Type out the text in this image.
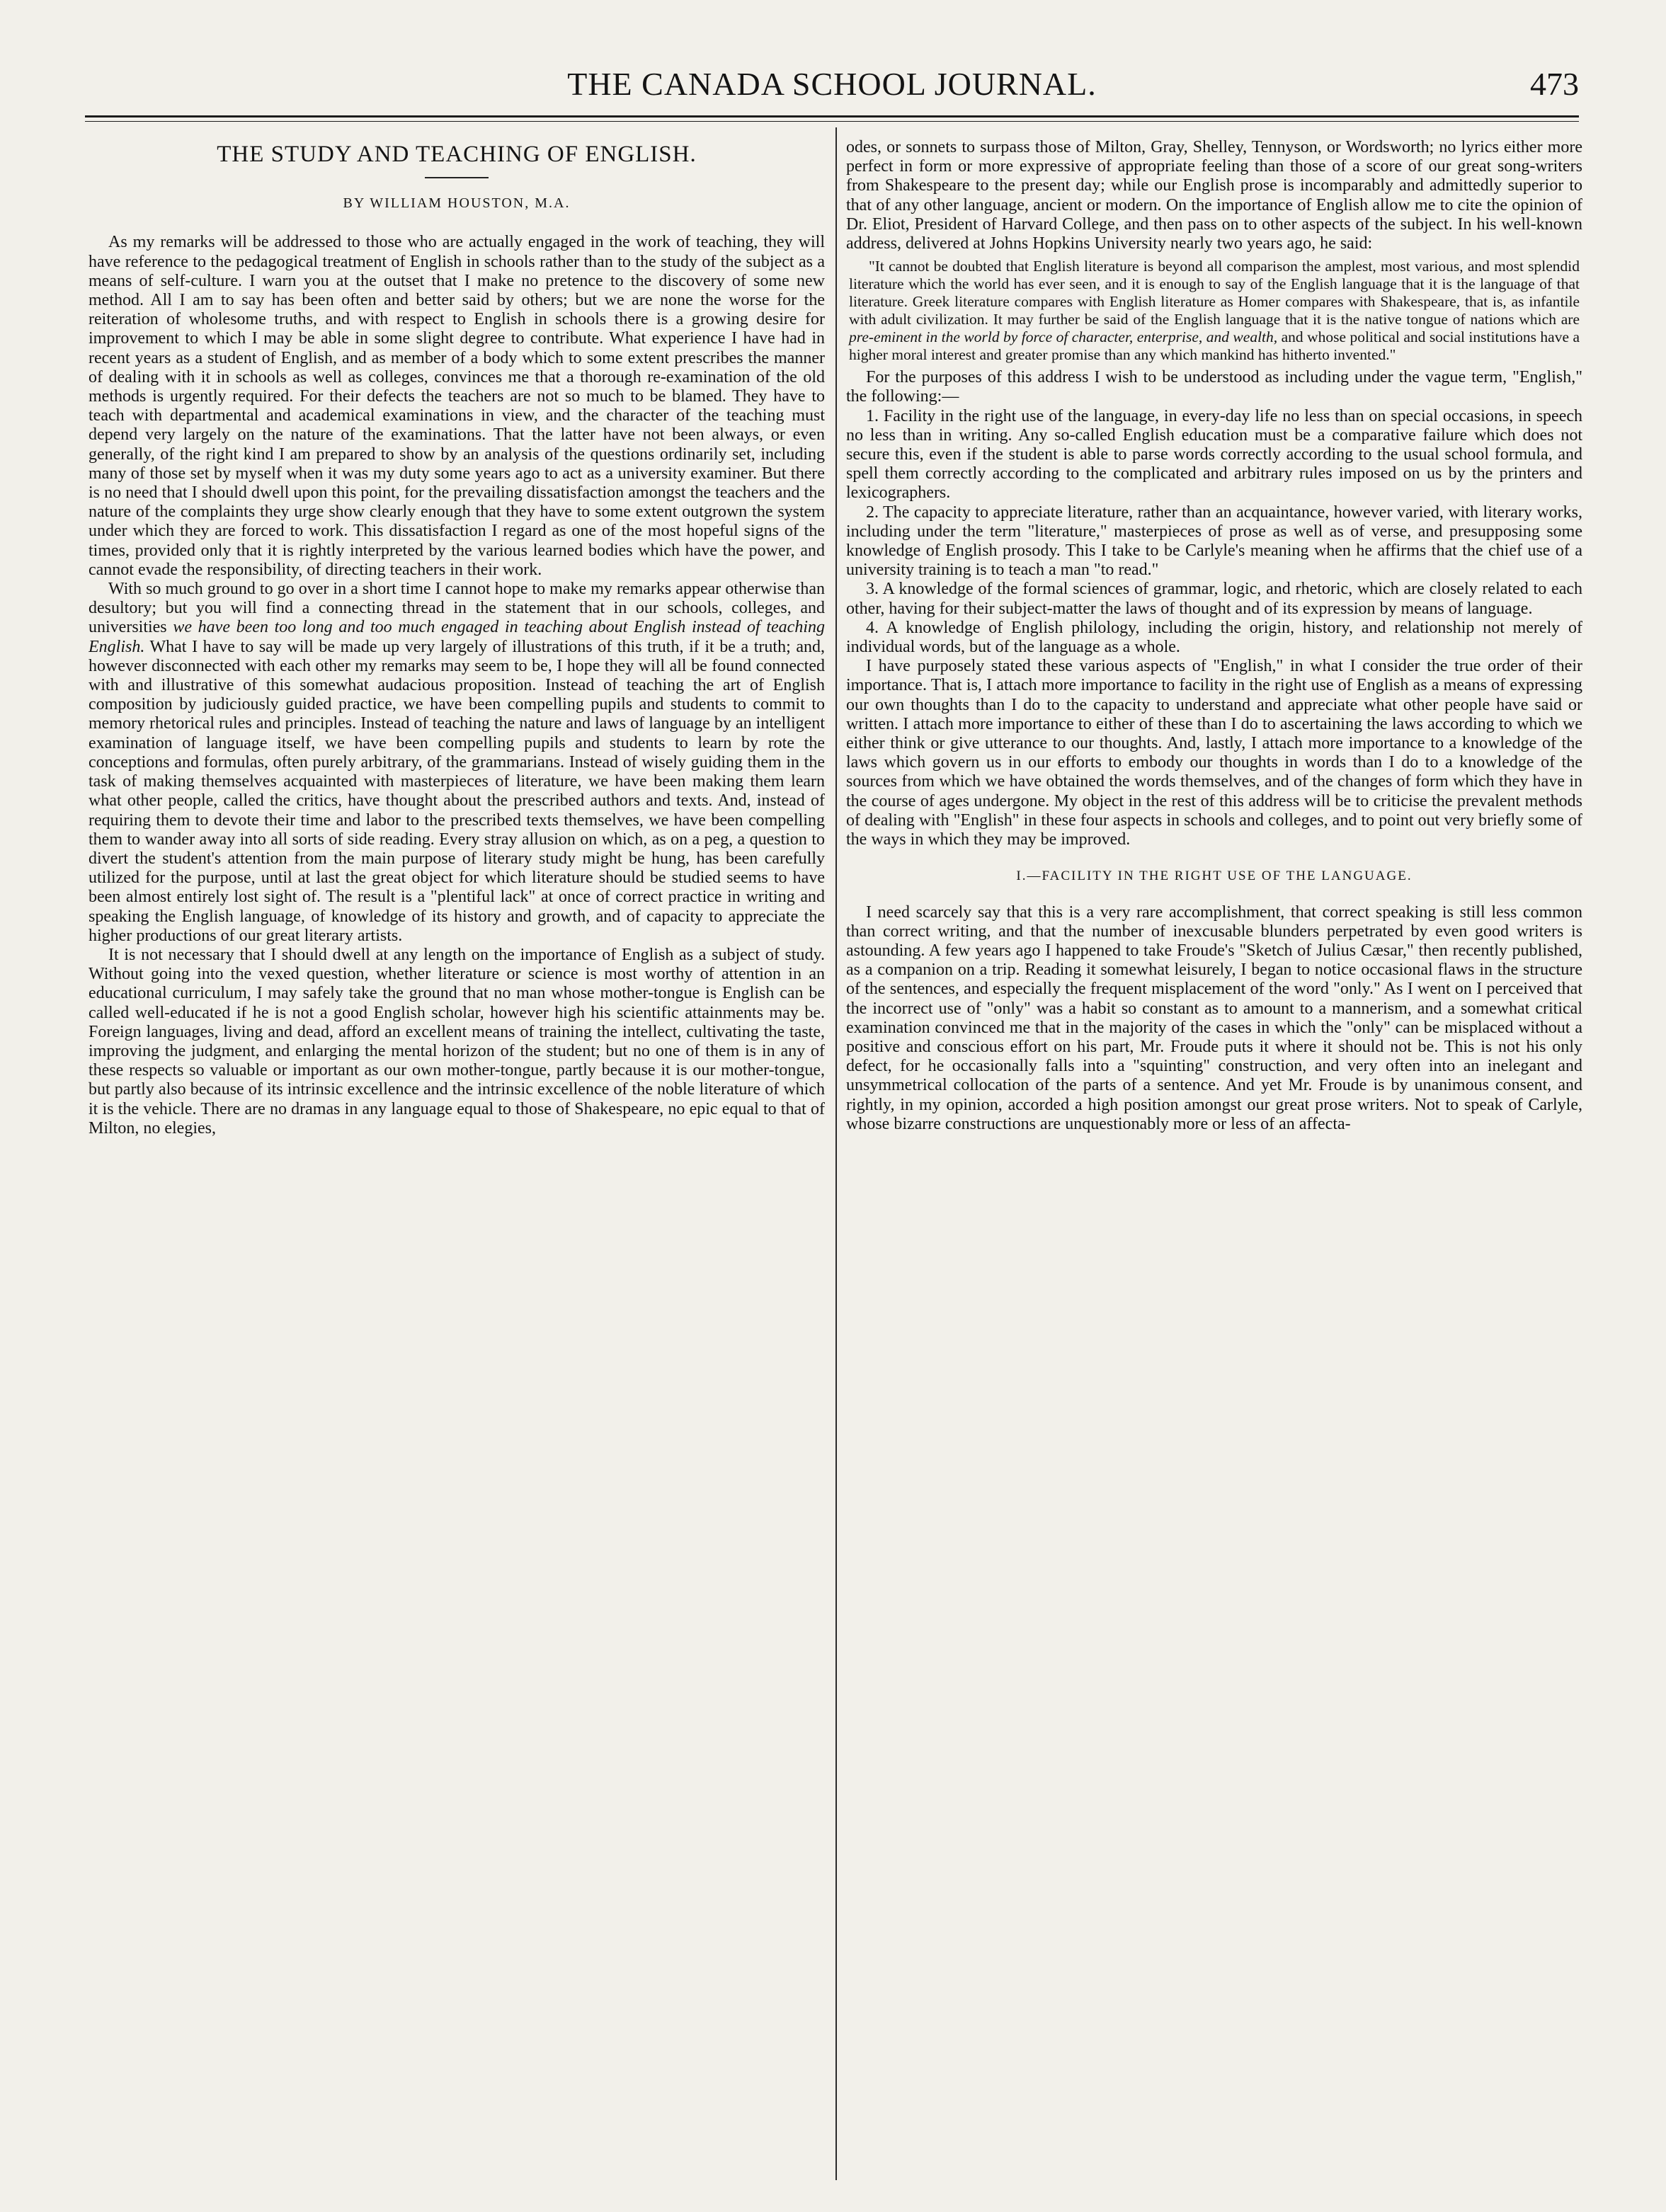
THE CANADA SCHOOL JOURNAL.	473
THE STUDY AND TEACHING OF ENGLISH.
BY WILLIAM HOUSTON, M.A.

As my remarks will be addressed to those who are actually engaged in the work of teaching, they will have reference to the pedagogical treatment of English in schools rather than to the study of the subject as a means of self-culture. I warn you at the outset that I make no pretence to the discovery of some new method. All I am to say has been often and better said by others; but we are none the worse for the reiteration of wholesome truths, and with respect to English in schools there is a growing desire for improvement to which I may be able in some slight degree to contribute. What experience I have had in recent years as a student of English, and as member of a body which to some extent prescribes the manner of dealing with it in schools as well as colleges, convinces me that a thorough re-examination of the old methods is urgently required. For their defects the teachers are not so much to be blamed. They have to teach with departmental and academical examinations in view, and the character of the teaching must depend very largely on the nature of the examinations. That the latter have not been always, or even generally, of the right kind I am prepared to show by an analysis of the questions ordinarily set, including many of those set by myself when it was my duty some years ago to act as a university examiner. But there is no need that I should dwell upon this point, for the prevailing dissatisfaction amongst the teachers and the nature of the complaints they urge show clearly enough that they have to some extent outgrown the system under which they are forced to work. This dissatisfaction I regard as one of the most hopeful signs of the times, provided only that it is rightly interpreted by the various learned bodies which have the power, and cannot evade the responsibility, of directing teachers in their work.

With so much ground to go over in a short time I cannot hope to make my remarks appear otherwise than desultory; but you will find a connecting thread in the statement that in our schools, colleges, and universities we have been too long and too much engaged in teaching about English instead of teaching English. What I have to say will be made up very largely of illustrations of this truth, if it be a truth; and, however disconnected with each other my remarks may seem to be, I hope they will all be found connected with and illustrative of this somewhat audacious proposition. Instead of teaching the art of English composition by judiciously guided practice, we have been compelling pupils and students to commit to memory rhetorical rules and principles. Instead of teaching the nature and laws of language by an intelligent examination of language itself, we have been compelling pupils and students to learn by rote the conceptions and formulas, often purely arbitrary, of the grammarians. Instead of wisely guiding them in the task of making themselves acquainted with masterpieces of literature, we have been making them learn what other people, called the critics, have thought about the prescribed authors and texts. And, instead of requiring them to devote their time and labor to the prescribed texts themselves, we have been compelling them to wander away into all sorts of side reading. Every stray allusion on which, as on a peg, a question to divert the student's attention from the main purpose of literary study might be hung, has been carefully utilized for the purpose, until at last the great object for which literature should be studied seems to have been almost entirely lost sight of. The result is a "plentiful lack" at once of correct practice in writing and speaking the English language, of knowledge of its history and growth, and of capacity to appreciate the higher productions of our great literary artists.

It is not necessary that I should dwell at any length on the importance of English as a subject of study. Without going into the vexed question, whether literature or science is most worthy of attention in an educational curriculum, I may safely take the ground that no man whose mother-tongue is English can be called well-educated if he is not a good English scholar, however high his scientific attainments may be. Foreign languages, living and dead, afford an excellent means of training the intellect, cultivating the taste, improving the judgment, and enlarging the mental horizon of the student; but no one of them is in any of these respects so valuable or important as our own mother-tongue, partly because it is our mother-tongue, but partly also because of its intrinsic excellence and the intrinsic excellence of the noble literature of which it is the vehicle. There are no dramas in any language equal to those of Shakespeare, no epic equal to that of Milton, no elegies,

odes, or sonnets to surpass those of Milton, Gray, Shelley, Tennyson, or Wordsworth; no lyrics either more perfect in form or more expressive of appropriate feeling than those of a score of our great song-writers from Shakespeare to the present day; while our English prose is incomparably and admittedly superior to that of any other language, ancient or modern. On the importance of English allow me to cite the opinion of Dr. Eliot, President of Harvard College, and then pass on to other aspects of the subject. In his well-known address, delivered at Johns Hopkins University nearly two years ago, he said:

"It cannot be doubted that English literature is beyond all comparison the amplest, most various, and most splendid literature which the world has ever seen, and it is enough to say of the English language that it is the language of that literature. Greek literature compares with English literature as Homer compares with Shakespeare, that is, as infantile with adult civilization. It may further be said of the English language that it is the native tongue of nations which are pre-eminent in the world by force of character, enterprise, and wealth, and whose political and social institutions have a higher moral interest and greater promise than any which mankind has hitherto invented."

For the purposes of this address I wish to be understood as including under the vague term, "English," the following:—

1. Facility in the right use of the language, in every-day life no less than on special occasions, in speech no less than in writing. Any so-called English education must be a comparative failure which does not secure this, even if the student is able to parse words correctly according to the usual school formula, and spell them correctly according to the complicated and arbitrary rules imposed on us by the printers and lexicographers.

2. The capacity to appreciate literature, rather than an acquaintance, however varied, with literary works, including under the term "literature," masterpieces of prose as well as of verse, and presupposing some knowledge of English prosody. This I take to be Carlyle's meaning when he affirms that the chief use of a university training is to teach a man "to read."

3. A knowledge of the formal sciences of grammar, logic, and rhetoric, which are closely related to each other, having for their subject-matter the laws of thought and of its expression by means of language.

4. A knowledge of English philology, including the origin, history, and relationship not merely of individual words, but of the language as a whole.

I have purposely stated these various aspects of "English," in what I consider the true order of their importance. That is, I attach more importance to facility in the right use of English as a means of expressing our own thoughts than I do to the capacity to understand and appreciate what other people have said or written. I attach more importance to either of these than I do to ascertaining the laws according to which we either think or give utterance to our thoughts. And, lastly, I attach more importance to a knowledge of the laws which govern us in our efforts to embody our thoughts in words than I do to a knowledge of the sources from which we have obtained the words themselves, and of the changes of form which they have in the course of ages undergone. My object in the rest of this address will be to criticise the prevalent methods of dealing with "English" in these four aspects in schools and colleges, and to point out very briefly some of the ways in which they may be improved.

I.—FACILITY IN THE RIGHT USE OF THE LANGUAGE.

I need scarcely say that this is a very rare accomplishment, that correct speaking is still less common than correct writing, and that the number of inexcusable blunders perpetrated by even good writers is astounding. A few years ago I happened to take Froude's "Sketch of Julius Cæsar," then recently published, as a companion on a trip. Reading it somewhat leisurely, I began to notice occasional flaws in the structure of the sentences, and especially the frequent misplacement of the word "only." As I went on I perceived that the incorrect use of "only" was a habit so constant as to amount to a mannerism, and a somewhat critical examination convinced me that in the majority of the cases in which the "only" can be misplaced without a positive and conscious effort on his part, Mr. Froude puts it where it should not be. This is not his only defect, for he occasionally falls into a "squinting" construction, and very often into an inelegant and unsymmetrical collocation of the parts of a sentence. And yet Mr. Froude is by unanimous consent, and rightly, in my opinion, accorded a high position amongst our great prose writers. Not to speak of Carlyle, whose bizarre constructions are unquestionably more or less of an affecta-
